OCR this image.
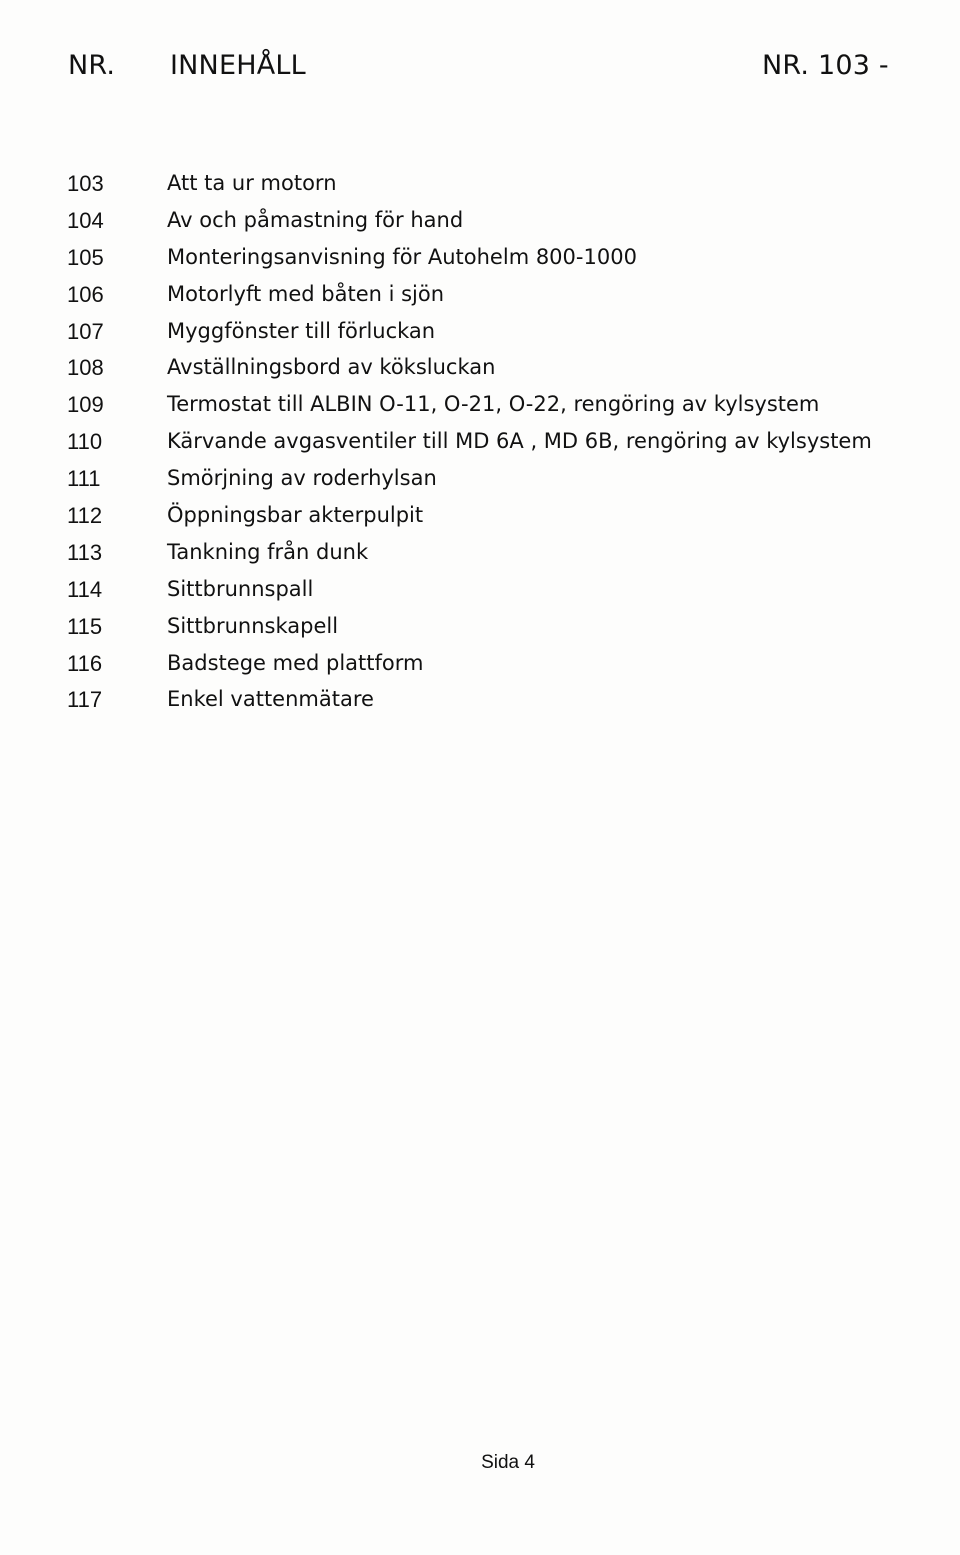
NR. INNEHÅLL	NR. 103 -
103	Att ta ur motorn
104	Av och påmastning för hand
105	Monteringsanvisning för Autohelm 800-1000
106	Motorlyft med båten i sjön
107	Myggfönster till förluckan
108	Avställningsbord av köksluckan
109	Termostat till ALBIN O-11, O-21, O-22, rengöring av kylsystem
110	Kärvande avgasventiler till MD 6A , MD 6B, rengöring av kylsystem
111	Smörjning av roderhylsan
112	Öppningsbar akterpulpit
113	Tankning från dunk
114	Sittbrunnspall
115	Sittbrunnskapell
116	Badstege med plattform
117	Enkel vattenmätare
Sida 4
